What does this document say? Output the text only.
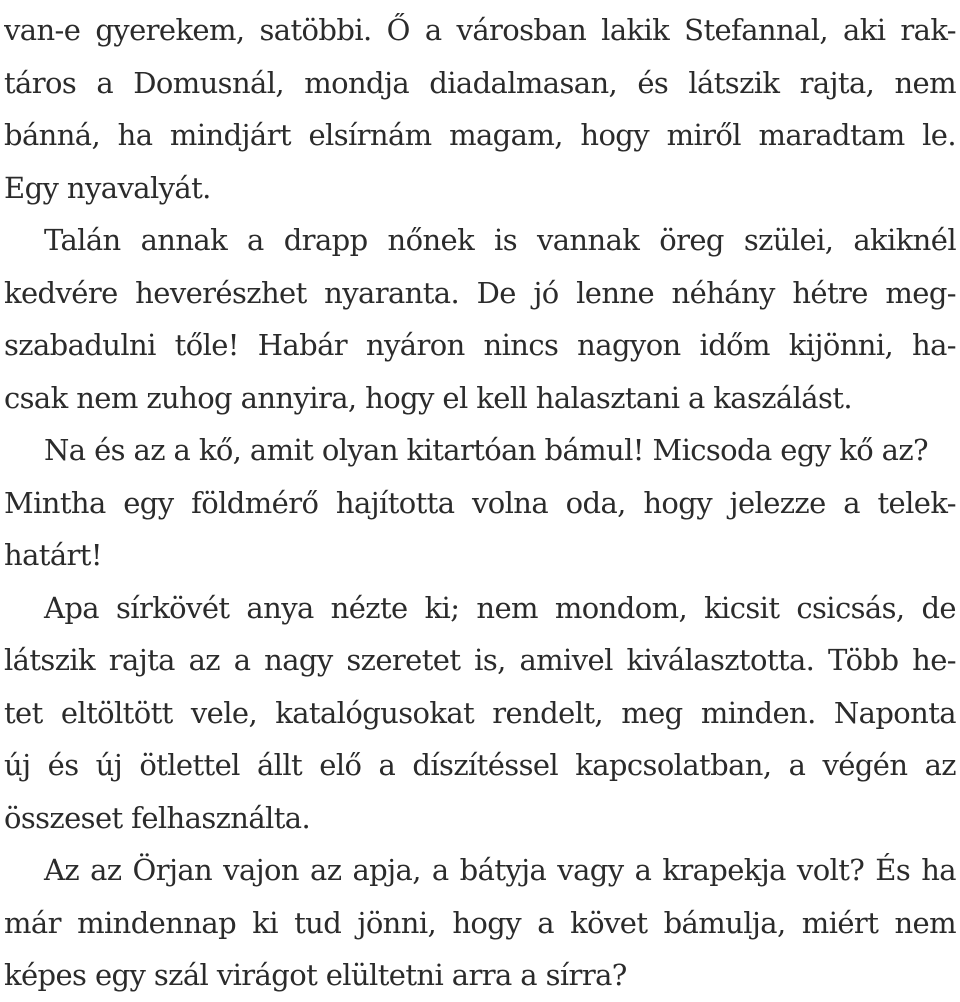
van-e gyerekem, satöbbi. Ő a városban lakik Stefannal, aki rak-
táros a Domusnál, mondja diadalmasan, és látszik rajta, nem
bánná, ha mindjárt elsírnám magam, hogy miről maradtam le.
Egy nyavalyát.
Talán annak a drapp nőnek is vannak öreg szülei, akiknél
kedvére heverészhet nyaranta. De jó lenne néhány hétre meg-
szabadulni tőle! Habár nyáron nincs nagyon időm kijönni, ha-
csak nem zuhog annyira, hogy el kell halasztani a kaszálást.
Na és az a kő, amit olyan kitartóan bámul! Micsoda egy kő az?
Mintha egy földmérő hajította volna oda, hogy jelezze a telek-
határt!
Apa sírkövét anya nézte ki; nem mondom, kicsit csicsás, de
látszik rajta az a nagy szeretet is, amivel kiválasztotta. Több he-
tet eltöltött vele, katalógusokat rendelt, meg minden. Naponta
új és új ötlettel állt elő a díszítéssel kapcsolatban, a végén az
összeset felhasználta.
Az az Örjan vajon az apja, a bátyja vagy a krapekja volt? És ha
már mindennap ki tud jönni, hogy a követ bámulja, miért nem
képes egy szál virágot elültetni arra a sírra?
